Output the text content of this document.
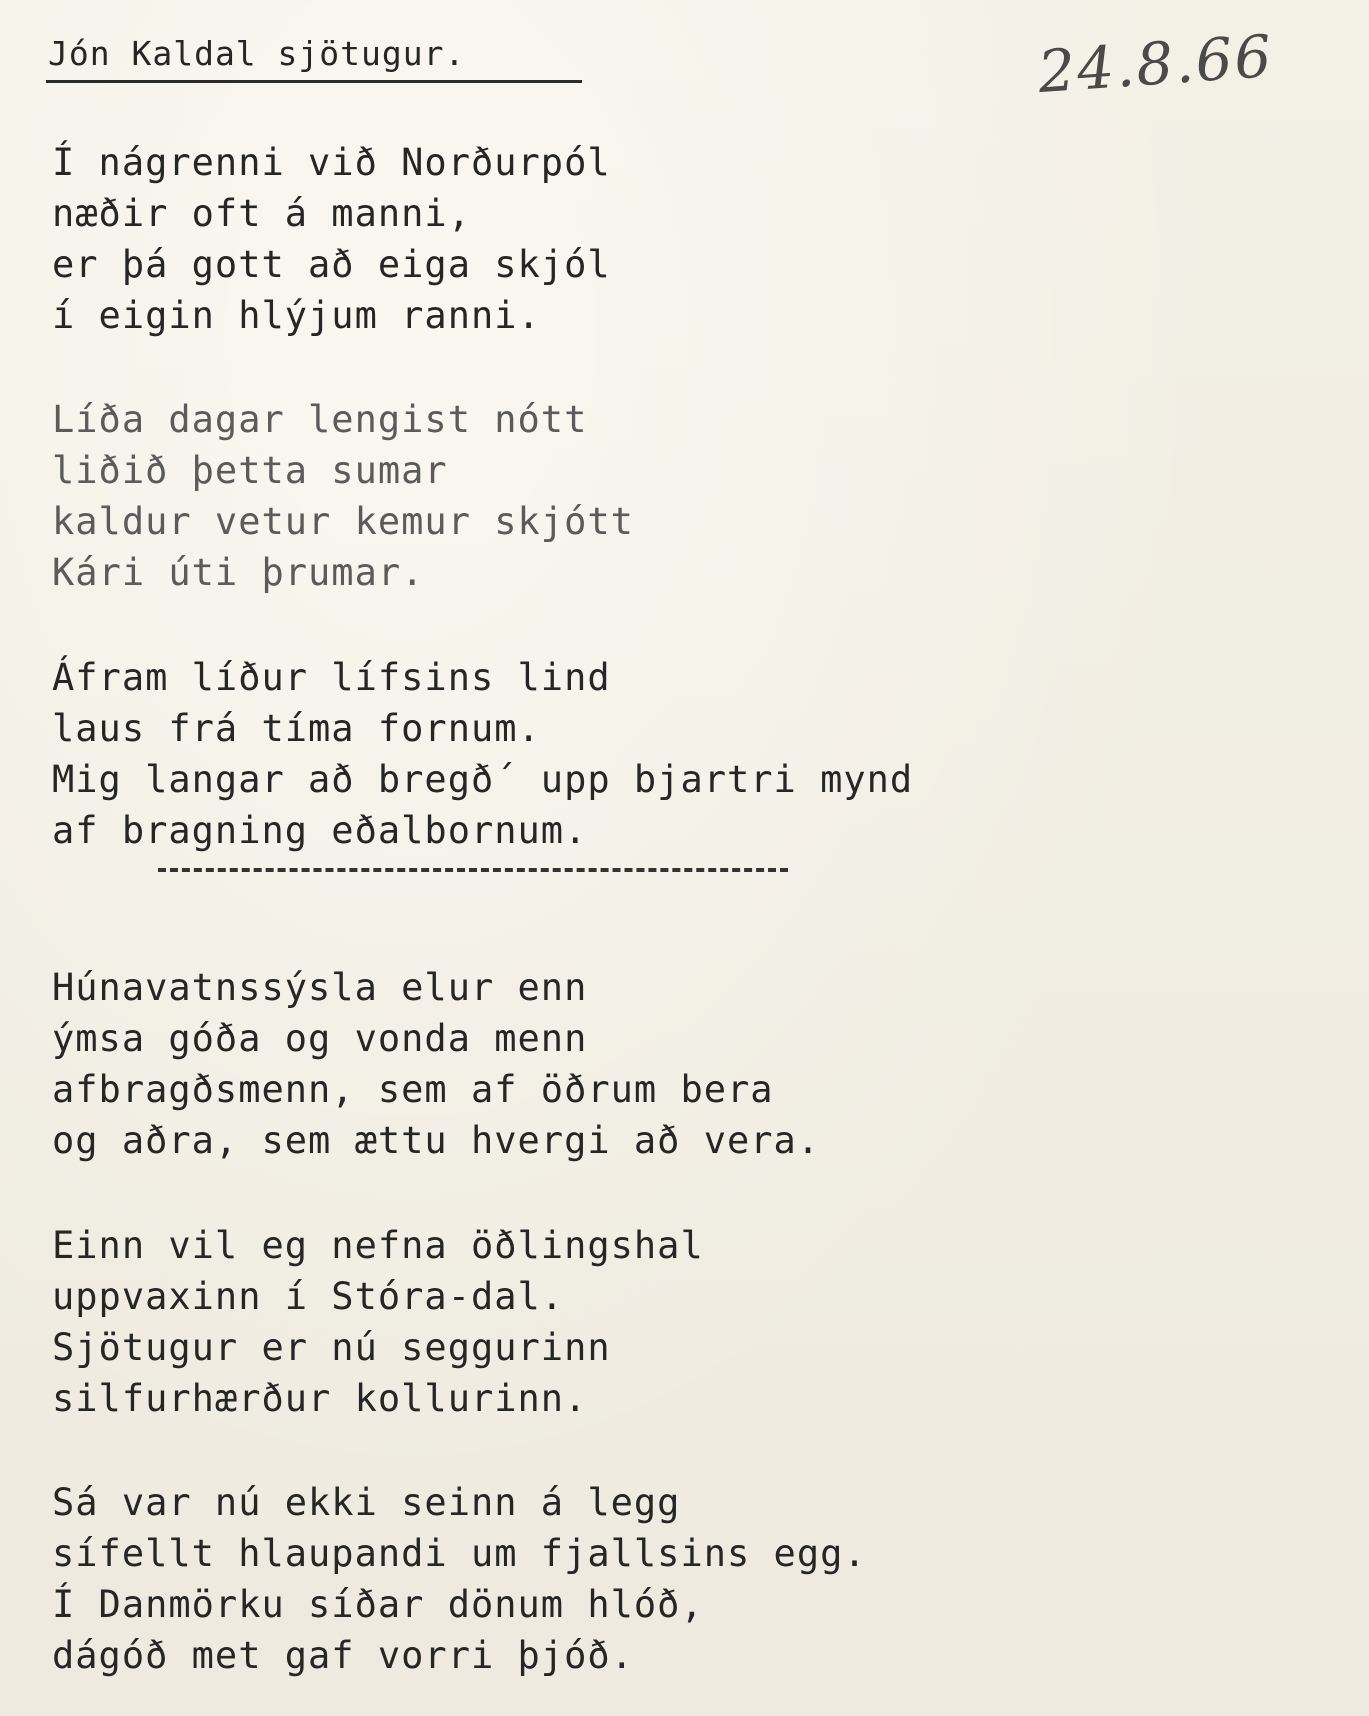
Jón Kaldal sjötugur.	24.8.66
Í nágrenni við Norðurpól
næðir oft á manni,
er þá gott að eiga skjól
í eigin hlýjum ranni.
Líða dagar lengist nótt
liðið þetta sumar
kaldur vetur kemur skjótt
Kári úti þrumar.
Áfram líður lífsins lind
laus frá tíma fornum.
Mig langar að bregð´ upp bjartri mynd
af bragning eðalbornum.
Húnavatnssýsla elur enn
ýmsa góða og vonda menn
afbragðsmenn, sem af öðrum bera
og aðra, sem ættu hvergi að vera.
Einn vil eg nefna öðlingshal
uppvaxinn í Stóra-dal.
Sjötugur er nú seggurinn
silfurhærður kollurinn.
Sá var nú ekki seinn á legg
sífellt hlaupandi um fjallsins egg.
Í Danmörku síðar dönum hlóð,
dágóð met gaf vorri þjóð.
